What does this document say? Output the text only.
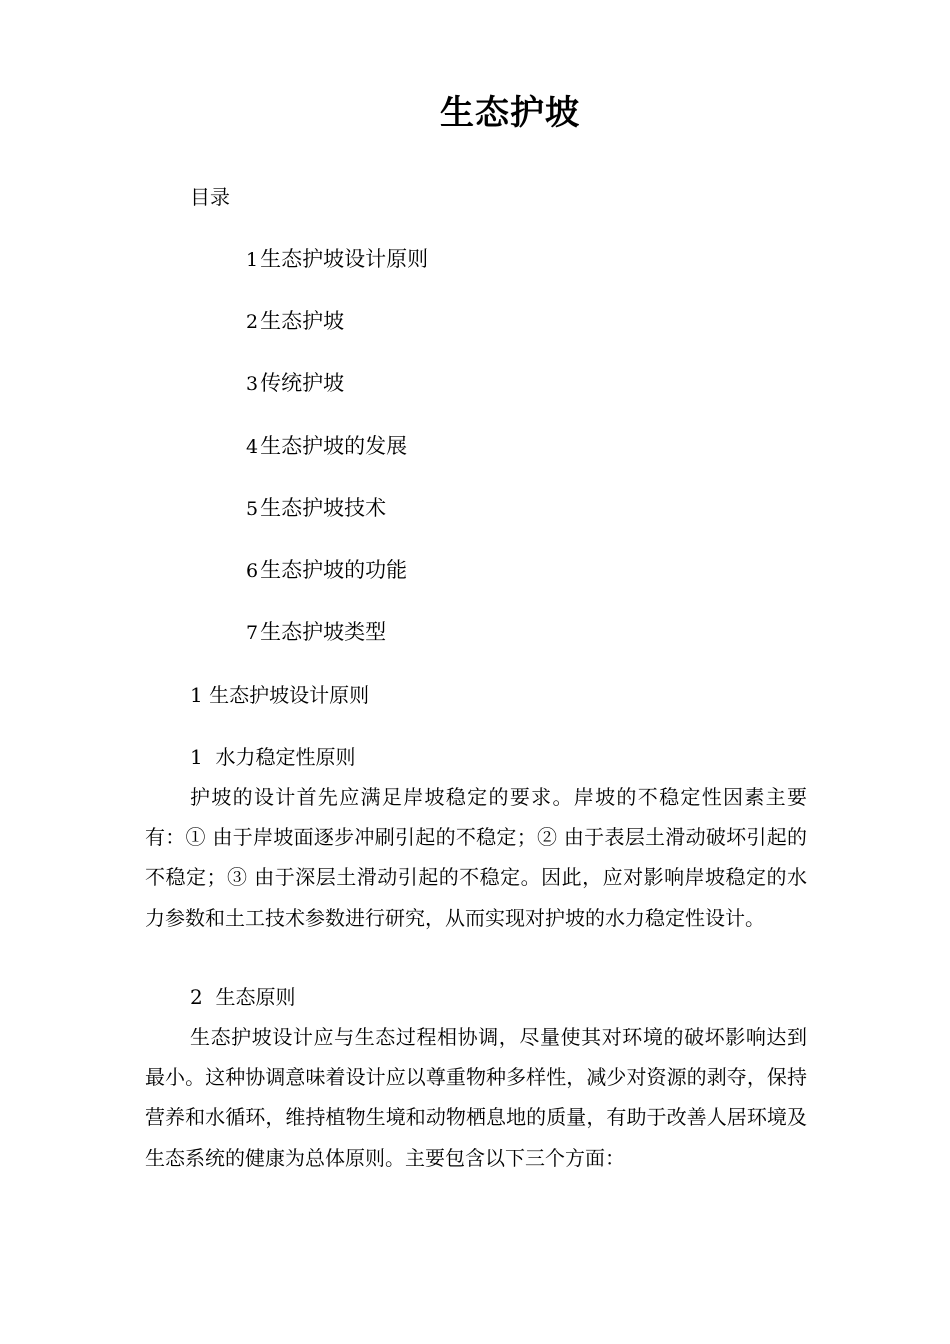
生态护坡
目录
1生态护坡设计原则
2生态护坡
3传统护坡
4生态护坡的发展
5生态护坡技术
6生态护坡的功能
7生态护坡类型
1 生态护坡设计原则
1  水力稳定性原则

护坡的设计首先应满足岸坡稳定的要求。岸坡的不稳定性因素主要有：① 由于岸坡面逐步冲刷引起的不稳定；② 由于表层土滑动破坏引起的不稳定；③ 由于深层土滑动引起的不稳定。因此，应对影响岸坡稳定的水力参数和土工技术参数进行研究，从而实现对护坡的水力稳定性设计。

2  生态原则

生态护坡设计应与生态过程相协调，尽量使其对环境的破坏影响达到最小。这种协调意味着设计应以尊重物种多样性，减少对资源的剥夺，保持营养和水循环，维持植物生境和动物栖息地的质量，有助于改善人居环境及生态系统的健康为总体原则。主要包含以下三个方面：
